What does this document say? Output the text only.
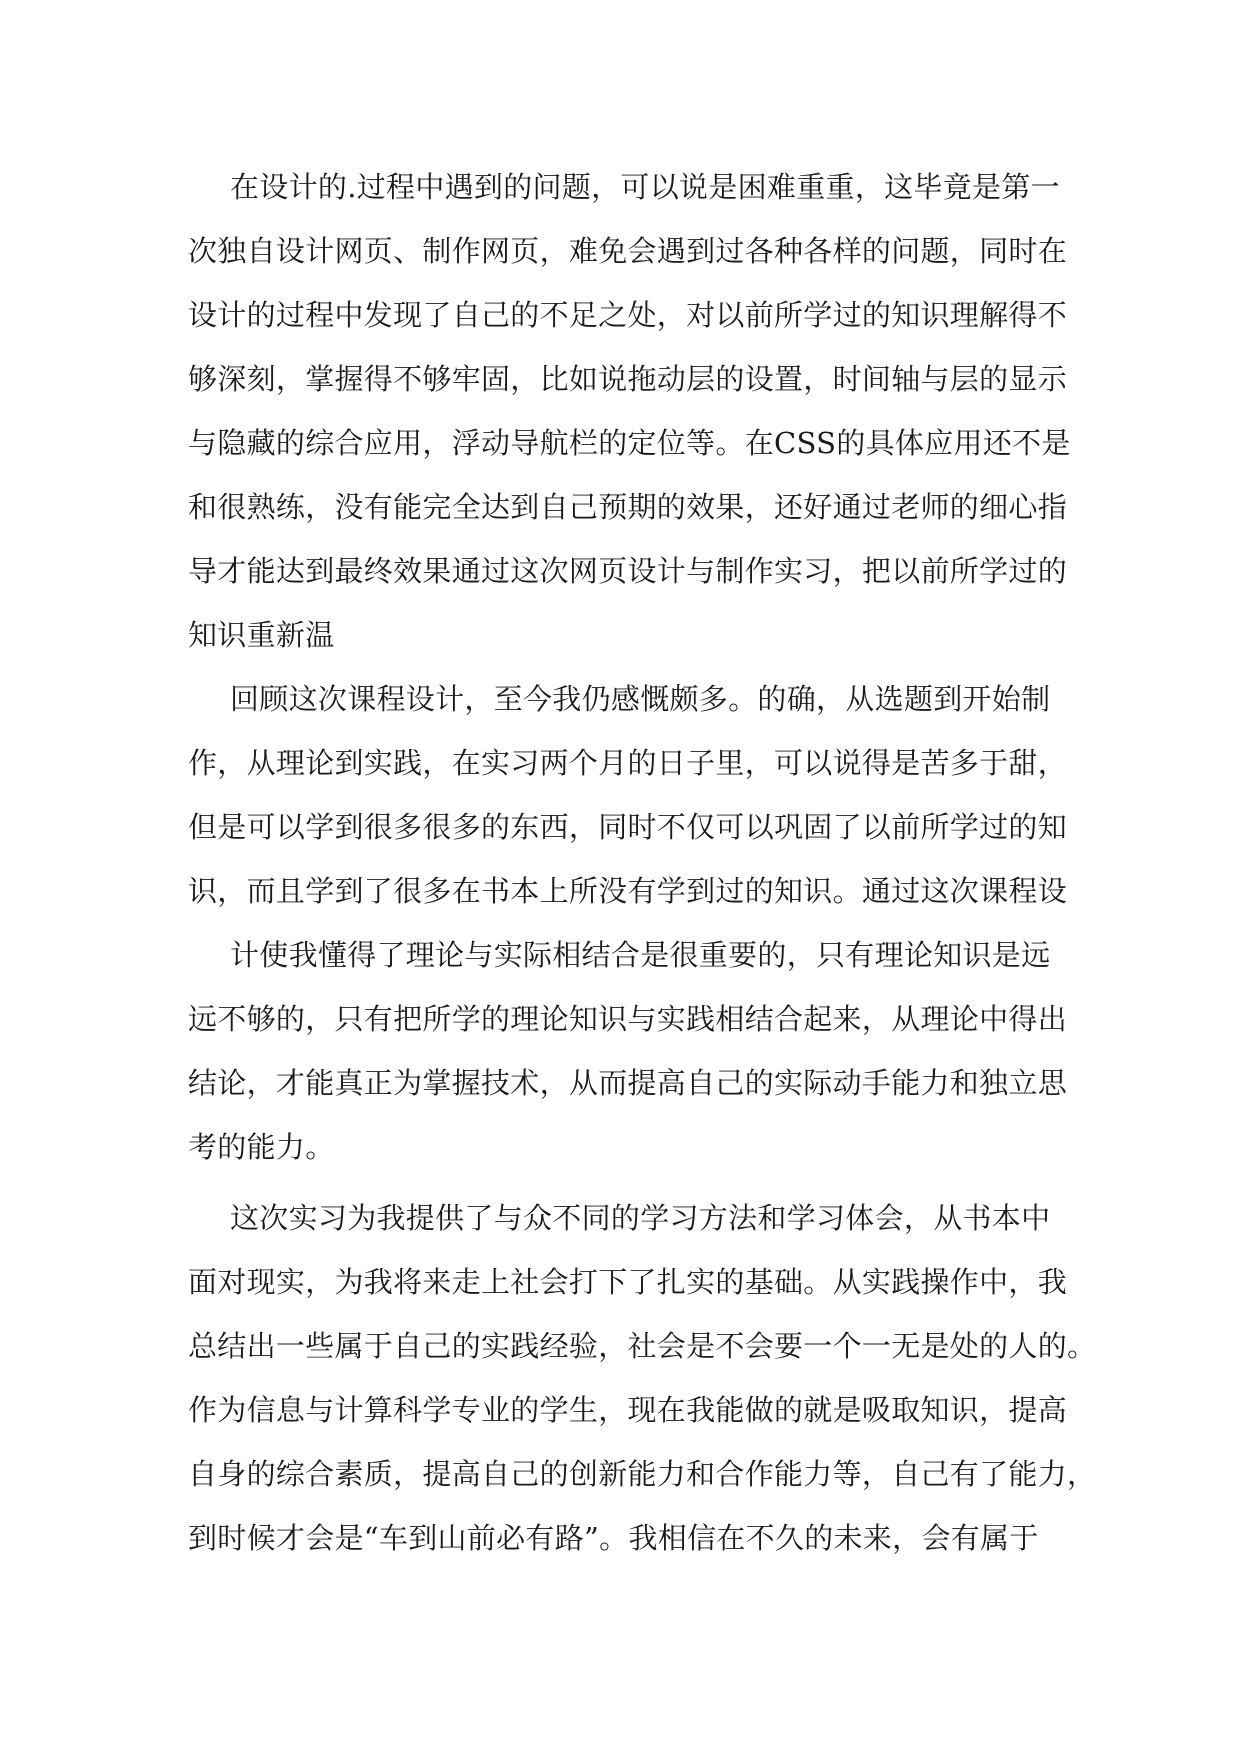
在设计的.过程中遇到的问题，可以说是困难重重，这毕竟是第一
次独自设计网页、制作网页，难免会遇到过各种各样的问题，同时在
设计的过程中发现了自己的不足之处，对以前所学过的知识理解得不
够深刻，掌握得不够牢固，比如说拖动层的设置，时间轴与层的显示
与隐藏的综合应用，浮动导航栏的定位等。在CSS的具体应用还不是
和很熟练，没有能完全达到自己预期的效果，还好通过老师的细心指
导才能达到最终效果通过这次网页设计与制作实习，把以前所学过的
知识重新温
回顾这次课程设计，至今我仍感慨颇多。的确，从选题到开始制
作，从理论到实践，在实习两个月的日子里，可以说得是苦多于甜，
但是可以学到很多很多的东西，同时不仅可以巩固了以前所学过的知
识，而且学到了很多在书本上所没有学到过的知识。通过这次课程设
计使我懂得了理论与实际相结合是很重要的，只有理论知识是远
远不够的，只有把所学的理论知识与实践相结合起来，从理论中得出
结论，才能真正为掌握技术，从而提高自己的实际动手能力和独立思
考的能力。
这次实习为我提供了与众不同的学习方法和学习体会，从书本中
面对现实，为我将来走上社会打下了扎实的基础。从实践操作中，我
总结出一些属于自己的实践经验，社会是不会要一个一无是处的人的。
作为信息与计算科学专业的学生，现在我能做的就是吸取知识，提高
自身的综合素质，提高自己的创新能力和合作能力等，自己有了能力，
到时候才会是“车到山前必有路”。我相信在不久的未来，会有属于
